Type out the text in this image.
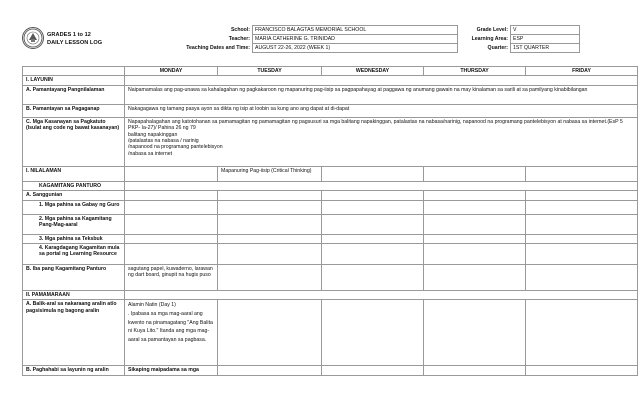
GRADES 1 to 12
DAILY LESSON LOG
School:	FRANCISCO BALAGTAS MEMORIAL SCHOOL
Teacher:	MARIA CATHERINE G. TRINIDAD
Teaching Dates and Time:	AUGUST 22-26, 2022 (WEEK 1)
Grade Level:	V
Learning Area:	ESP
Quarter:	1ST QUARTER
	MONDAY	TUESDAY	WEDNESDAY	THURSDAY	FRIDAY
I. LAYUNIN					
A. Pamantayang Pangnilalaman	Naipamamalas ang pag-unawa sa kahalagahan ng pagkakaroon ng mapanuring pag-iisip sa pagpapahayag at paggawa ng anumang gawain na may kinalaman sa sarili at sa pamilyang kinabibilangan				
B. Pamantayan sa Pagaganap	Nakagagawa ng tamang pasya ayon sa dikta ng isip at loobin sa kung ano ang dapat at di-dapat				
C. Mga Kasanayan sa Pagkatuto (Isulat ang code ng bawat kasanayan)	Napapahalagahan ang katotohanan sa pamamagitan ng pamamagitan ng pagsusuri sa mga balitang napakinggan, patalastas na nabasa/narinig, napanood na programang pantelebisyon at nabasa sa internet.(EsP 5 PKP- Ia-27)/ Pahina 26 ng 79
balitang napakinggan
/patalastas na nabasa / narinig
/napanood na programang pantelebisyon
/nabasa sa internet				
I. NILALAMAN		Mapanuring Pag-iisip (Critical Thinking)			
KAGAMITANG PANTURO					
A. Sanggunian					
1. Mga pahina sa Gabay ng Guro					
2. Mga pahina sa Kagamitang Pang-Mag-aaral					
3. Mga pahina sa Teksbuk					
4. Karagdagang Kagamitan mula sa portal ng Learning Resource					
B. Iba pang Kagamitang Panturo	sagutang papel, kuwaderno, larawan ng dart board, ginupit na hugis puso				
II. PAMAMARAAN					
A. Balik-aral sa nakaraang aralin at/o pagsisimula ng bagong aralin	Alamin Natin (Day 1)
. Ipabasa sa mga mag-aaral ang kwento na pinamagatang "Ang Balita ni Kuya Lito." Itanda ang mga mag-aaral sa pamantayan sa pagbasa.				
B. Paghahabi sa layunin ng aralin	Sikaping maipadama sa mga				
